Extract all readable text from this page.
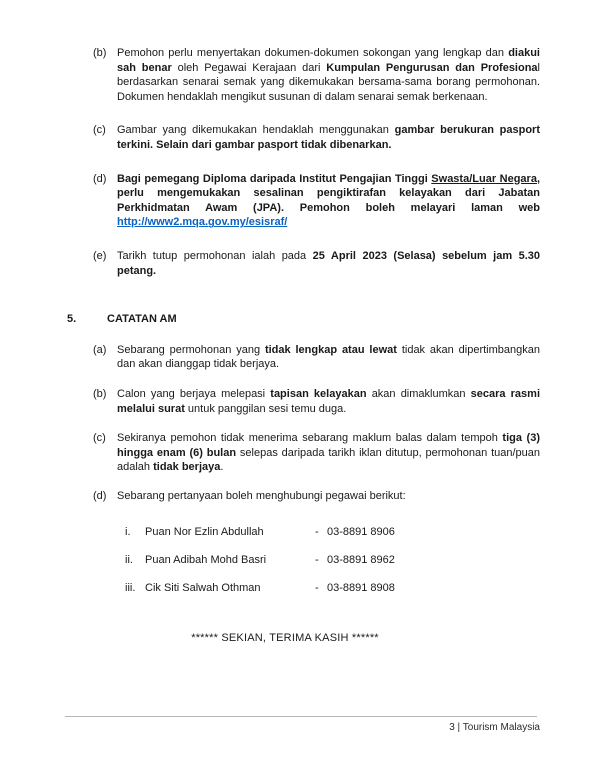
(b) Pemohon perlu menyertakan dokumen-dokumen sokongan yang lengkap dan diakui sah benar oleh Pegawai Kerajaan dari Kumpulan Pengurusan dan Profesional berdasarkan senarai semak yang dikemukakan bersama-sama borang permohonan. Dokumen hendaklah mengikut susunan di dalam senarai semak berkenaan.

(c)	Gambar yang dikemukakan hendaklah menggunakan gambar berukuran pasport terkini. Selain dari gambar pasport tidak dibenarkan.

(d) Bagi pemegang Diploma daripada Institut Pengajian Tinggi Swasta/Luar Negara, perlu mengemukakan sesalinan pengiktirafan kelayakan dari Jabatan Perkhidmatan Awam (JPA). Pemohon boleh melayari laman web http://www2.mqa.gov.my/esisraf/

(e) Tarikh tutup permohonan ialah pada 25 April 2023 (Selasa) sebelum jam 5.30 petang.

5.	CATATAN AM
(a) Sebarang permohonan yang tidak lengkap atau lewat tidak akan dipertimbangkan dan akan dianggap tidak berjaya.

(b) Calon yang berjaya melepasi tapisan kelayakan akan dimaklumkan secara rasmi melalui surat untuk panggilan sesi temu duga.

(c)	Sekiranya pemohon tidak menerima sebarang maklum balas dalam tempoh tiga (3) hingga enam (6) bulan selepas daripada tarikh iklan ditutup, permohonan tuan/puan adalah tidak berjaya.

(d) Sebarang pertanyaan boleh menghubungi pegawai berikut:

i.	Puan Nor Ezlin Abdullah	- 03-8891 8906
ii.	Puan Adibah Mohd Basri	- 03-8891 8962
iii. Cik Siti Salwah Othman	- 03-8891 8908

****** SEKIAN, TERIMA KASIH ******

3 | Tourism Malaysia
